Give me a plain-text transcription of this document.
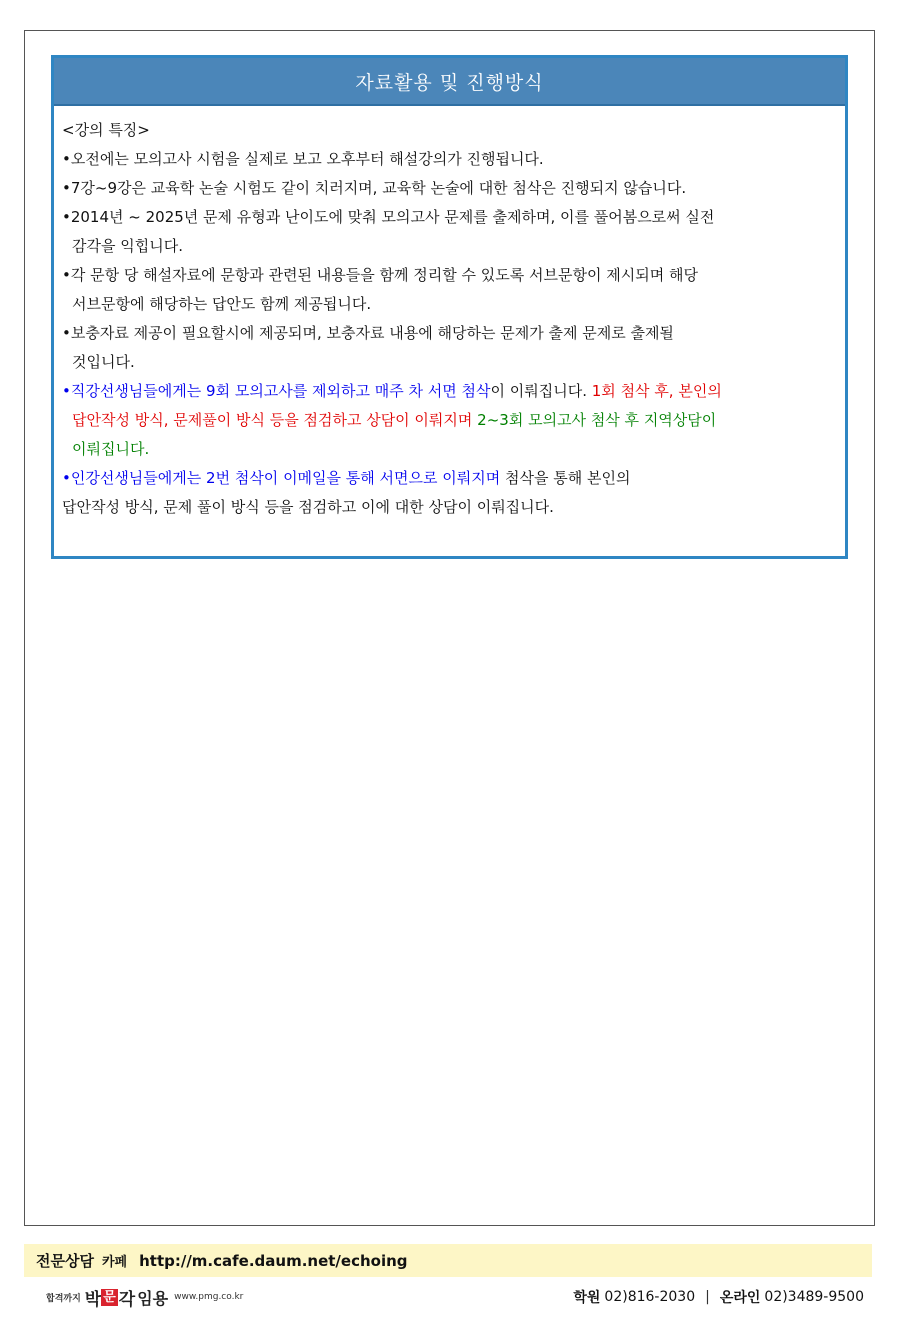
자료활용 및 진행방식
<강의 특징>
•오전에는 모의고사 시험을 실제로 보고 오후부터 해설강의가 진행됩니다.
•7강~9강은 교육학 논술 시험도 같이 치러지며, 교육학 논술에 대한 첨삭은 진행되지 않습니다.
•2014년 ~ 2025년 문제 유형과 난이도에 맞춰 모의고사 문제를 출제하며, 이를 풀어봄으로써 실전
감각을 익힙니다.
•각 문항 당 해설자료에 문항과 관련된 내용들을 함께 정리할 수 있도록 서브문항이 제시되며 해당
서브문항에 해당하는 답안도 함께 제공됩니다.
•보충자료 제공이 필요할시에 제공되며, 보충자료 내용에 해당하는 문제가 출제 문제로 출제될
것입니다.
•직강선생님들에게는 9회 모의고사를 제외하고 매주 차 서면 첨삭이 이뤄집니다. 1회 첨삭 후, 본인의
답안작성 방식, 문제풀이 방식 등을 점검하고 상담이 이뤄지며 2~3회 모의고사 첨삭 후 지역상담이
이뤄집니다.
•인강선생님들에게는 2번 첨삭이 이메일을 통해 서면으로 이뤄지며 첨삭을 통해 본인의
답안작성 방식, 문제 풀이 방식 등을 점검하고 이에 대한 상담이 이뤄집니다.
전문상담 카페 http://m.cafe.daum.net/echoing
합격까지 박 문 각 임용 www.pmg.co.kr	학원 02)816-2030 | 온라인 02)3489-9500
